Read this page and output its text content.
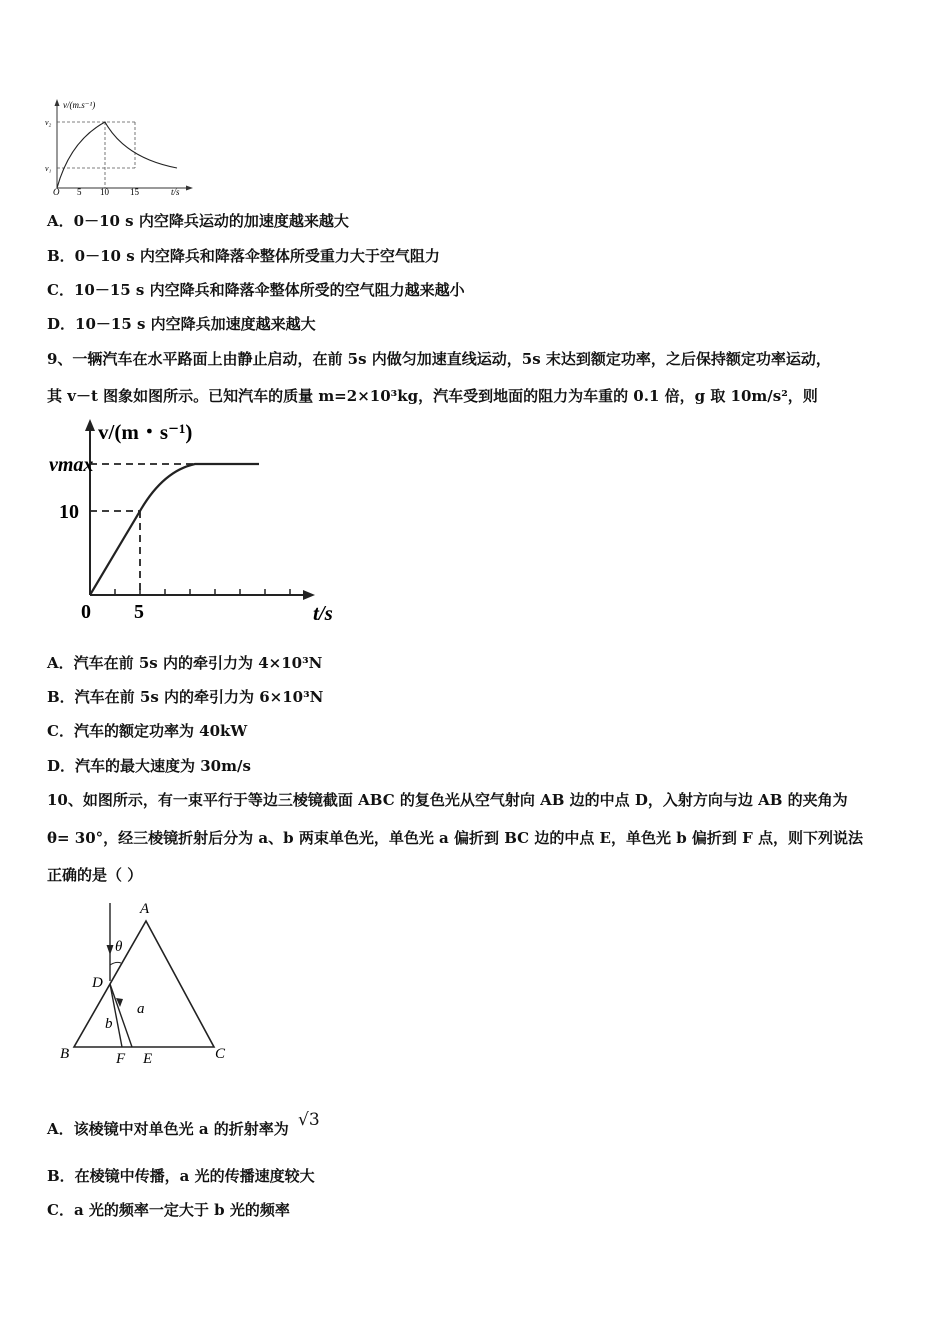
v/(m.s⁻¹)
v₂
v₁
O 5 10 15	t/s
A．0－10 s 内空降兵运动的加速度越来越大
B．0－10 s 内空降兵和降落伞整体所受重力大于空气阻力
C．10－15 s 内空降兵和降落伞整体所受的空气阻力越来越小
D．10－15 s 内空降兵加速度越来越大
9、一辆汽车在水平路面上由静止启动，在前 5s 内做匀加速直线运动，5s 末达到额定功率，之后保持额定功率运动，
其 v－t 图象如图所示。已知汽车的质量 m=2×10³kg，汽车受到地面的阻力为车重的 0.1 倍，g 取 10m/s²，则
v/(m・s⁻¹)
vmax
10
0 5	t/s
A．汽车在前 5s 内的牵引力为 4×10³N
B．汽车在前 5s 内的牵引力为 6×10³N
C．汽车的额定功率为 40kW
D．汽车的最大速度为 30m/s
10、如图所示，有一束平行于等边三棱镜截面 ABC 的复色光从空气射向 AB 边的中点 D，入射方向与边 AB 的夹角为
θ= 30°，经三棱镜折射后分为 a、b 两束单色光，单色光 a 偏折到 BC 边的中点 E，单色光 b 偏折到 F 点，则下列说法
正确的是（ ）
A
B	C
D
E
F
θ
a
b
A．该棱镜中对单色光 a 的折射率为 √3
B．在棱镜中传播，a 光的传播速度较大
C．a 光的频率一定大于 b 光的频率
